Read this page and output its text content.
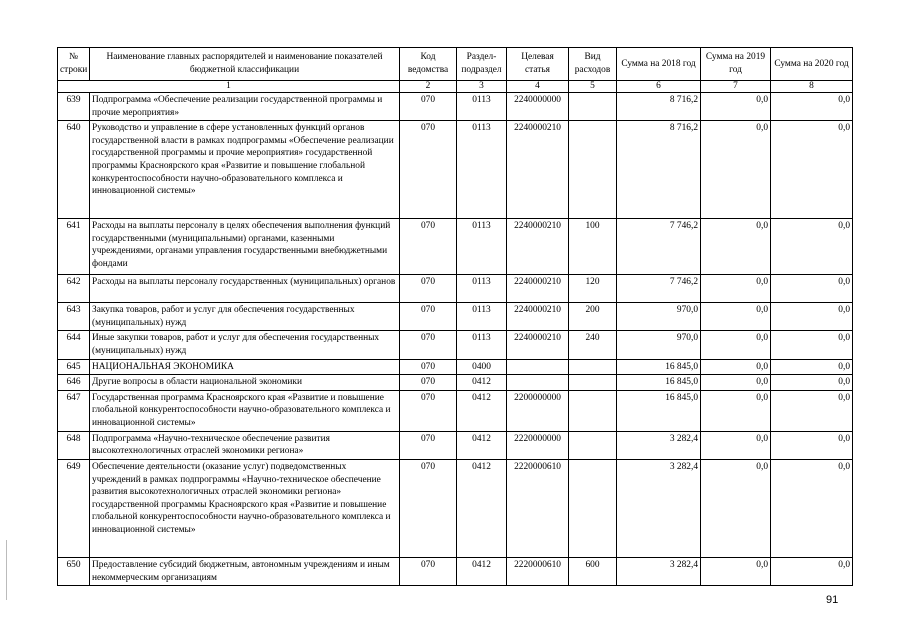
№ строки	Наименование главных распорядителей и наименование показателей бюджетной классификации	Код ведомства	Раздел-подраздел	Целевая статья	Вид расходов	Сумма на 2018 год	Сумма на 2019 год	Сумма на 2020 год
1		2	3	4	5	6	7	8
639	Подпрограмма «Обеспечение реализации государственной программы и прочие мероприятия»	070	0113	2240000000		8 716,2	0,0	0,0
640	Руководство и управление в сфере установленных функций органов государственной власти в рамках подпрограммы «Обеспечение реализации государственной программы и прочие мероприятия» государственной программы Красноярского края «Развитие и повышение глобальной конкурентоспособности научно-образовательного комплекса и инновационной системы»	070	0113	2240000210		8 716,2	0,0	0,0
641	Расходы на выплаты персоналу в целях обеспечения выполнения функций государственными (муниципальными) органами, казенными учреждениями, органами управления государственными внебюджетными фондами	070	0113	2240000210	100	7 746,2	0,0	0,0
642	Расходы на выплаты персоналу государственных (муниципальных) органов	070	0113	2240000210	120	7 746,2	0,0	0,0
643	Закупка товаров, работ и услуг для обеспечения государственных (муниципальных) нужд	070	0113	2240000210	200	970,0	0,0	0,0
644	Иные закупки товаров, работ и услуг для обеспечения государственных (муниципальных) нужд	070	0113	2240000210	240	970,0	0,0	0,0
645	НАЦИОНАЛЬНАЯ ЭКОНОМИКА	070	0400			16 845,0	0,0	0,0
646	Другие вопросы в области национальной экономики	070	0412			16 845,0	0,0	0,0
647	Государственная программа Красноярского края «Развитие и повышение глобальной конкурентоспособности научно-образовательного комплекса и инновационной системы»	070	0412	2200000000		16 845,0	0,0	0,0
648	Подпрограмма «Научно-техническое обеспечение развития высокотехнологичных отраслей экономики региона»	070	0412	2220000000		3 282,4	0,0	0,0
649	Обеспечение деятельности (оказание услуг) подведомственных учреждений в рамках подпрограммы «Научно-техническое обеспечение развития высокотехнологичных отраслей экономики региона» государственной программы Красноярского края «Развитие и повышение глобальной конкурентоспособности научно-образовательного комплекса и инновационной системы»	070	0412	2220000610		3 282,4	0,0	0,0
650	Предоставление субсидий бюджетным, автономным учреждениям и иным некоммерческим организациям	070	0412	2220000610	600	3 282,4	0,0	0,0
91
